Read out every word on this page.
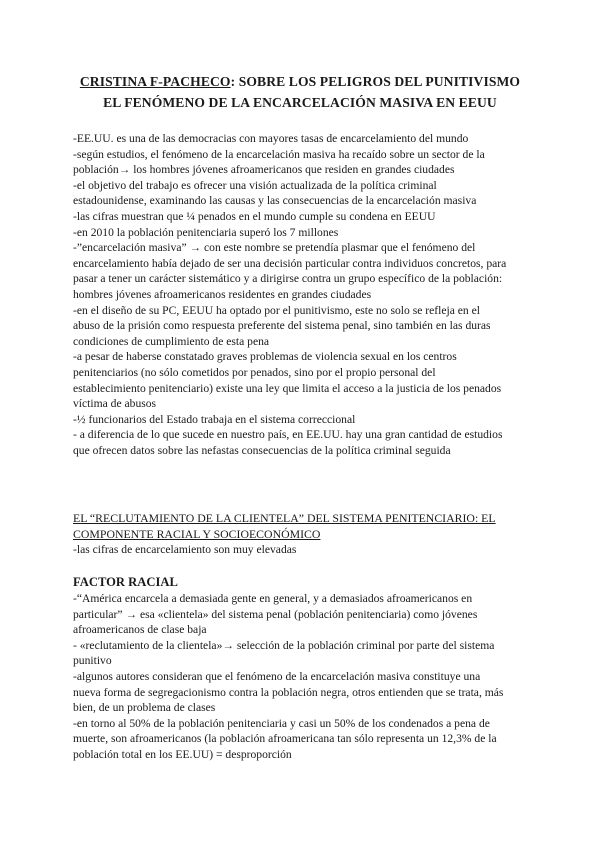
CRISTINA F-PACHECO: SOBRE LOS PELIGROS DEL PUNITIVISMO
EL FENÓMENO DE LA ENCARCELACIÓN MASIVA EN EEUU
-EE.UU. es una de las democracias con mayores tasas de encarcelamiento del mundo
-según estudios, el fenómeno de la encarcelación masiva ha recaído sobre un sector de la
población→ los hombres jóvenes afroamericanos que residen en grandes ciudades
-el objetivo del trabajo es ofrecer una visión actualizada de la política criminal
estadounidense, examinando las causas y las consecuencias de la encarcelación masiva
-las cifras muestran que ¼ penados en el mundo cumple su condena en EEUU
-en 2010 la población penitenciaria superó los 7 millones
-”encarcelación masiva” → con este nombre se pretendía plasmar que el fenómeno del
encarcelamiento había dejado de ser una decisión particular contra individuos concretos, para
pasar a tener un carácter sistemático y a dirigirse contra un grupo específico de la población:
hombres jóvenes afroamericanos residentes en grandes ciudades
-en el diseño de su PC, EEUU ha optado por el punitivismo, este no solo se refleja en el
abuso de la prisión como respuesta preferente del sistema penal, sino también en las duras
condiciones de cumplimiento de esta pena
-a pesar de haberse constatado graves problemas de violencia sexual en los centros
penitenciarios (no sólo cometidos por penados, sino por el propio personal del
establecimiento penitenciario) existe una ley que limita el acceso a la justicia de los penados
víctima de abusos
-½ funcionarios del Estado trabaja en el sistema correccional
- a diferencia de lo que sucede en nuestro país, en EE.UU. hay una gran cantidad de estudios
que ofrecen datos sobre las nefastas consecuencias de la política criminal seguida
EL “RECLUTAMIENTO DE LA CLIENTELA” DEL SISTEMA PENITENCIARIO: EL
COMPONENTE RACIAL Y SOCIOECONÓMICO
-las cifras de encarcelamiento son muy elevadas
FACTOR RACIAL
-“América encarcela a demasiada gente en general, y a demasiados afroamericanos en
particular” → esa «clientela» del sistema penal (población penitenciaria) como jóvenes
afroamericanos de clase baja
- «reclutamiento de la clientela»→ selección de la población criminal por parte del sistema
punitivo
-algunos autores consideran que el fenómeno de la encarcelación masiva constituye una
nueva forma de segregacionismo contra la población negra, otros entienden que se trata, más
bien, de un problema de clases
-en torno al 50% de la población penitenciaria y casi un 50% de los condenados a pena de
muerte, son afroamericanos (la población afroamericana tan sólo representa un 12,3% de la
población total en los EE.UU) = desproporción
